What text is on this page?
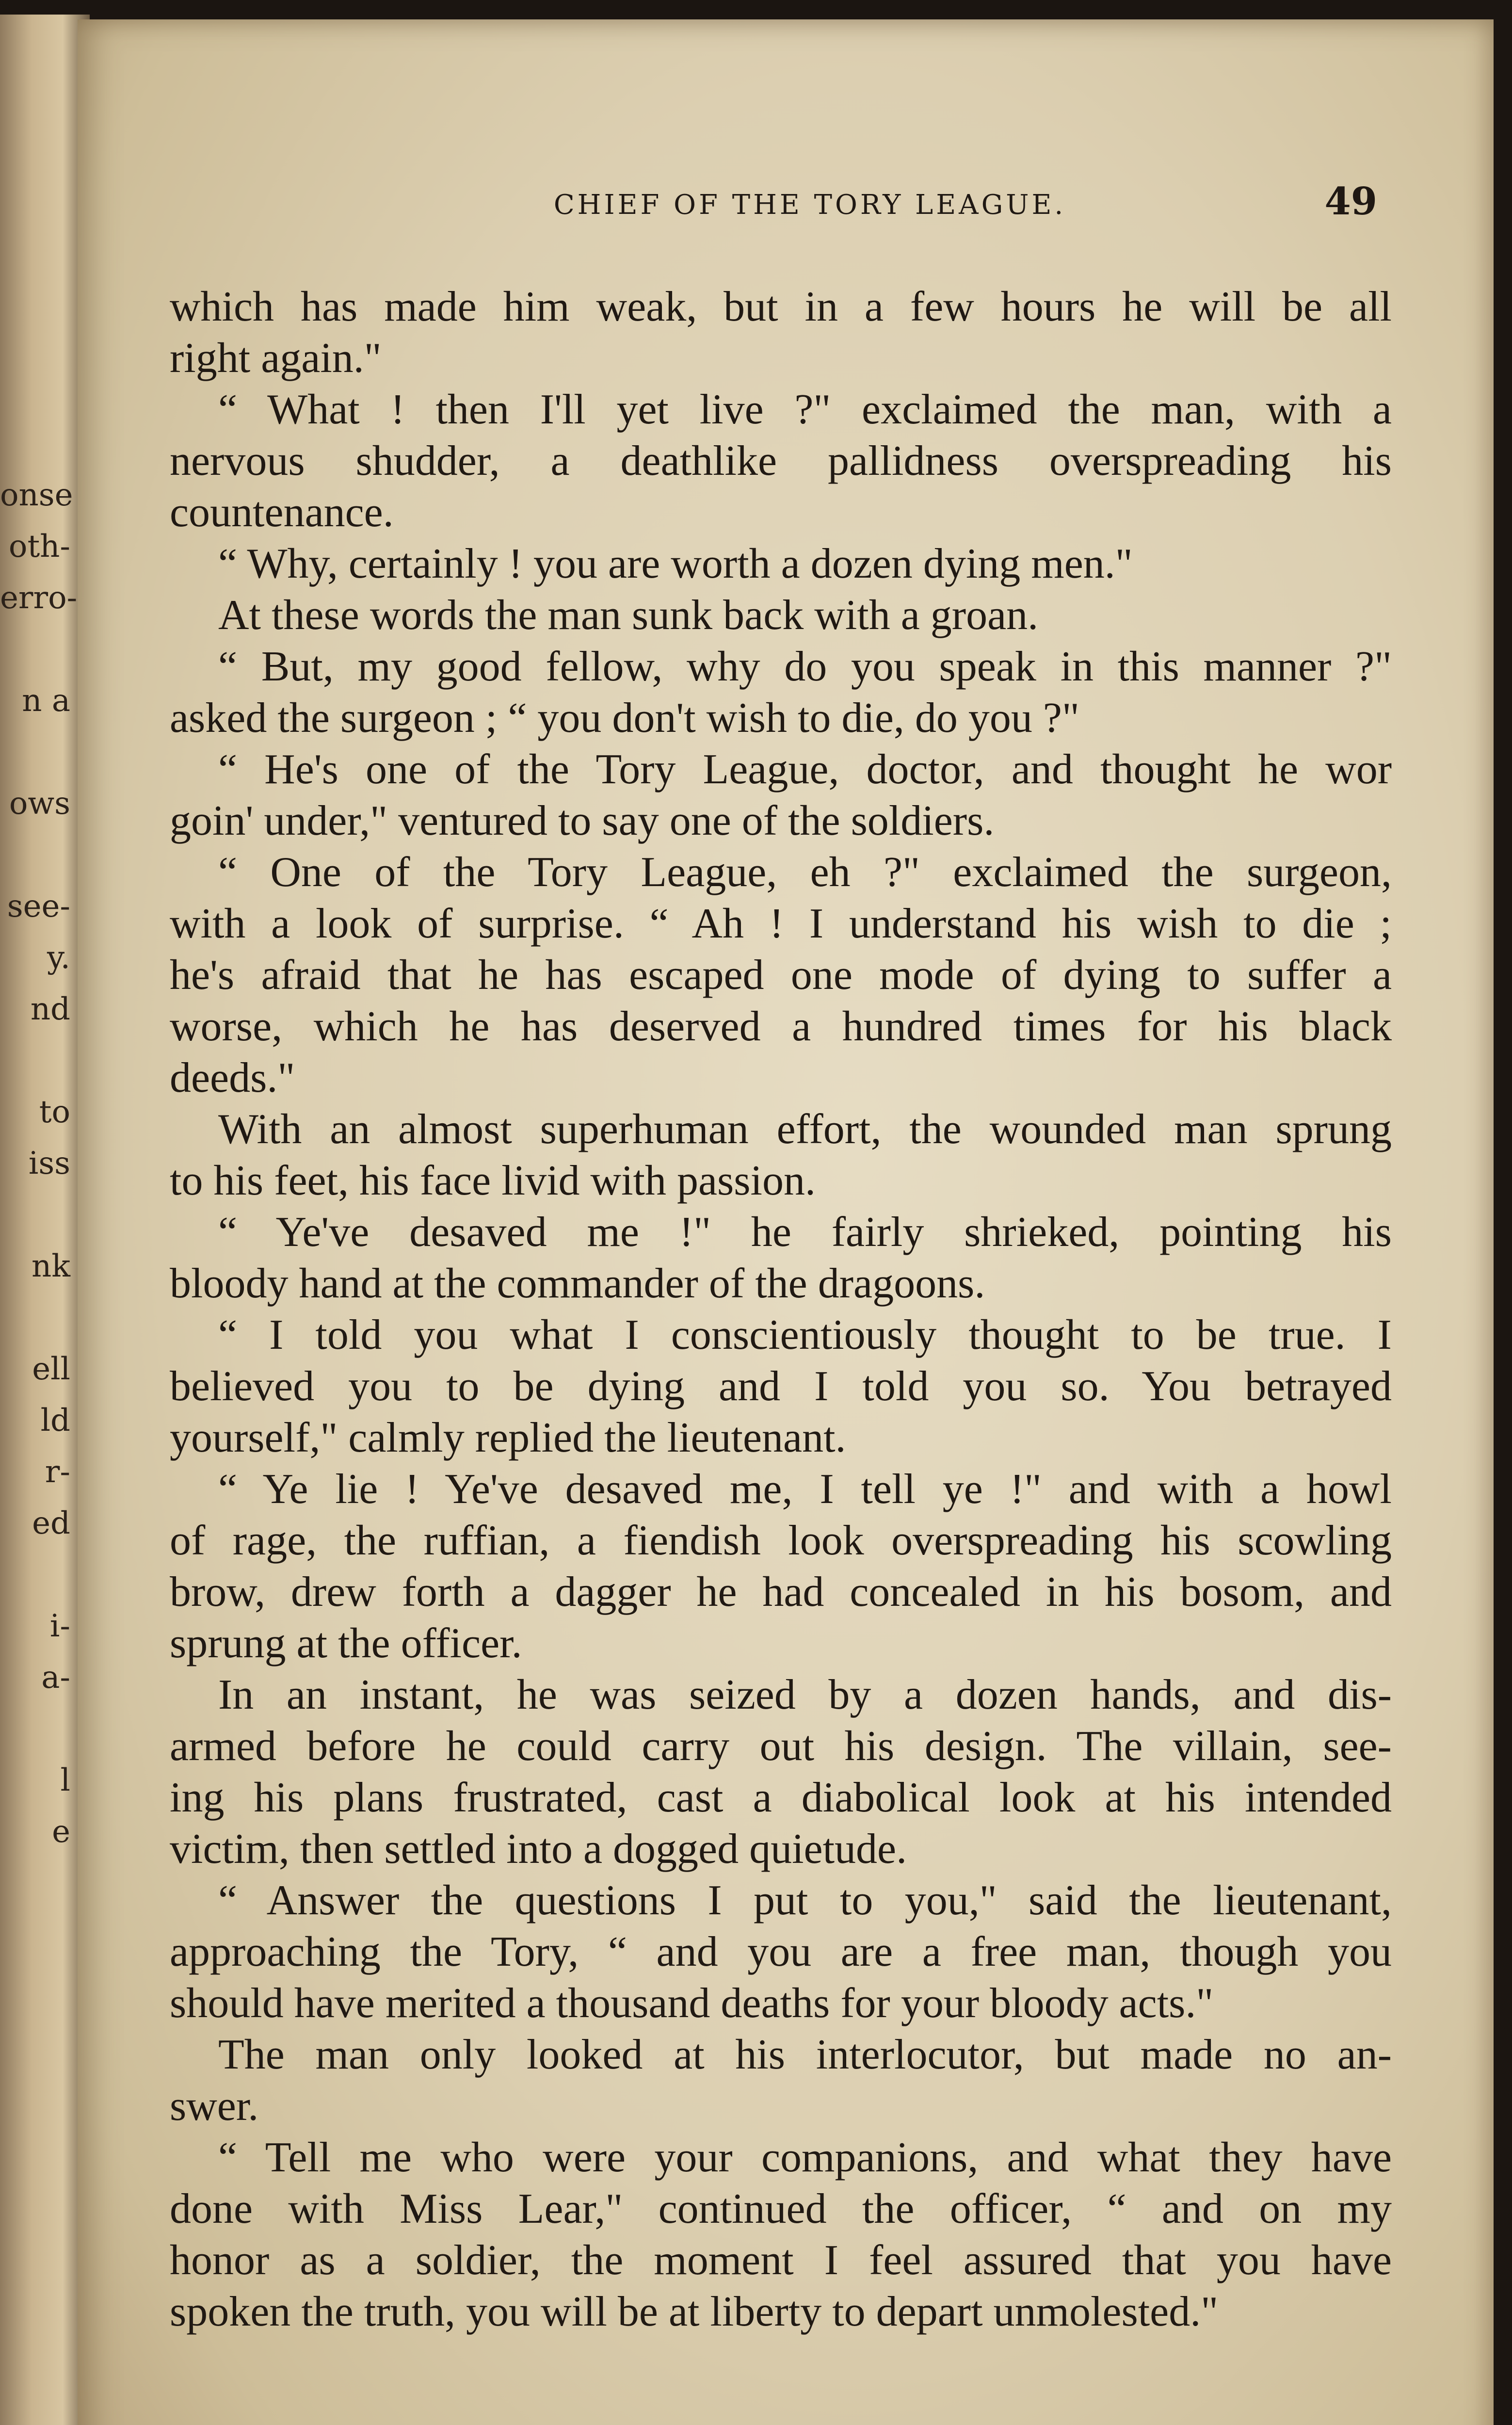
onse
oth-
erro-
n a
ows
see-
y.
nd
to
iss
nk
ell
ld
r-
ed
i-
a-
l
e
CHIEF OF THE TORY LEAGUE.	49
which has made him weak, but in a few hours he will be all
right again."
“ What ! then I'll yet live ?" exclaimed the man, with a
nervous shudder, a deathlike pallidness overspreading his
countenance.
“ Why, certainly ! you are worth a dozen dying men."
At these words the man sunk back with a groan.
“ But, my good fellow, why do you speak in this manner ?"
asked the surgeon ; “ you don't wish to die, do you ?"
“ He's one of the Tory League, doctor, and thought he wor
goin' under," ventured to say one of the soldiers.
“ One of the Tory League, eh ?" exclaimed the surgeon,
with a look of surprise. “ Ah ! I understand his wish to die ;
he's afraid that he has escaped one mode of dying to suffer a
worse, which he has deserved a hundred times for his black
deeds."
With an almost superhuman effort, the wounded man sprung
to his feet, his face livid with passion.
“ Ye've desaved me !" he fairly shrieked, pointing his
bloody hand at the commander of the dragoons.
“ I told you what I conscientiously thought to be true. I
believed you to be dying and I told you so. You betrayed
yourself," calmly replied the lieutenant.
“ Ye lie ! Ye've desaved me, I tell ye !" and with a howl
of rage, the ruffian, a fiendish look overspreading his scowling
brow, drew forth a dagger he had concealed in his bosom, and
sprung at the officer.
In an instant, he was seized by a dozen hands, and dis-
armed before he could carry out his design. The villain, see-
ing his plans frustrated, cast a diabolical look at his intended
victim, then settled into a dogged quietude.
“ Answer the questions I put to you," said the lieutenant,
approaching the Tory, “ and you are a free man, though you
should have merited a thousand deaths for your bloody acts."
The man only looked at his interlocutor, but made no an-
swer.
“ Tell me who were your companions, and what they have
done with Miss Lear," continued the officer, “ and on my
honor as a soldier, the moment I feel assured that you have
spoken the truth, you will be at liberty to depart unmolested."
